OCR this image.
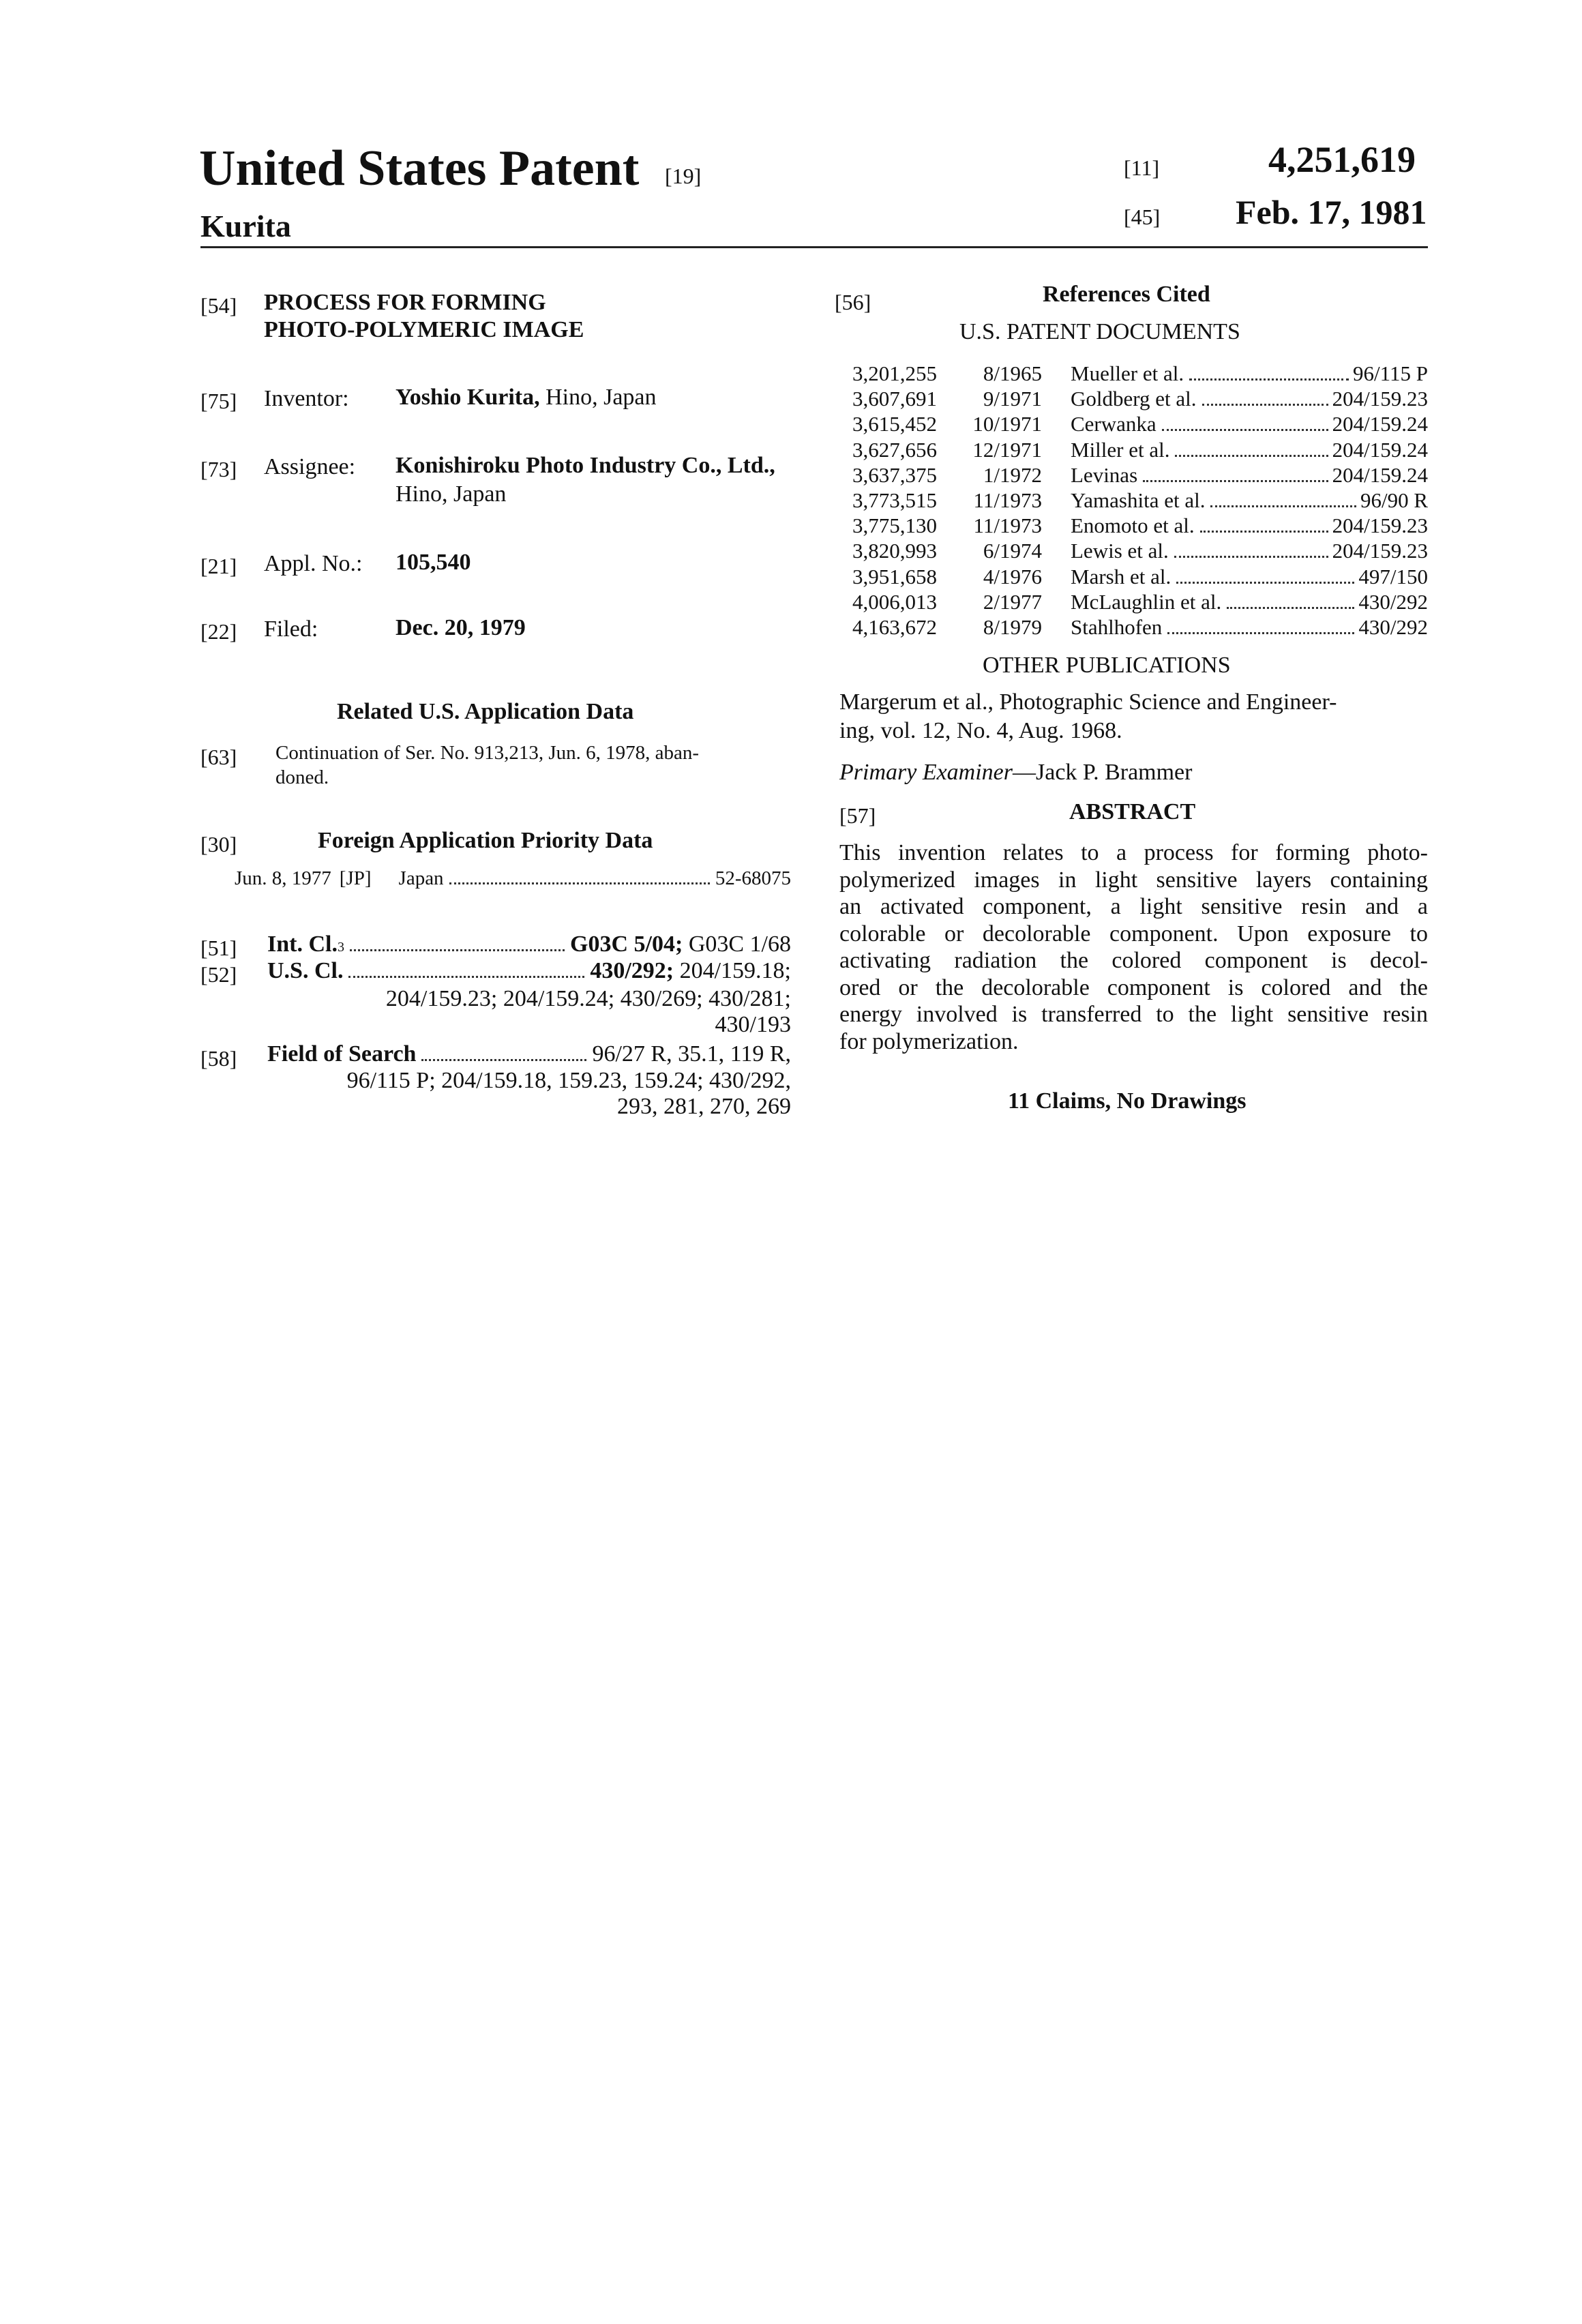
United States Patent [19]
Kurita
[11]	4,251,619
[45] Feb. 17, 1981
[54] PROCESS FOR FORMING
PHOTO-POLYMERIC IMAGE
[75] Inventor: Yoshio Kurita, Hino, Japan
[73] Assignee: Konishiroku Photo Industry Co., Ltd.,
Hino, Japan
[21] Appl. No.: 105,540
[22] Filed:	Dec. 20, 1979
Related U.S. Application Data
[63] Continuation of Ser. No. 913,213, Jun. 6, 1978, aban-
doned.
[30]	Foreign Application Priority Data
Jun. 8, 1977 [JP] Japan	52-68075
[51] Int. Cl. 3	G03C 5/04; G03C 1/68
[52] U.S. Cl.	430/292; 204/159.18;
204/159.23; 204/159.24; 430/269; 430/281;
430/193
[58] Field of Search	96/27 R, 35.1, 119 R,
96/115 P; 204/159.18, 159.23, 159.24; 430/292,
293, 281, 270, 269
[56]	References Cited
U.S. PATENT DOCUMENTS
3,201,255	8/1965 Mueller et al.	96/115 P
3,607,691	9/1971 Goldberg et al.	204/159.23
3,615,452	10/1971 Cerwanka	204/159.24
3,627,656	12/1971 Miller et al.	204/159.24
3,637,375	1/1972 Levinas	204/159.24
3,773,515	11/1973 Yamashita et al.	96/90 R
3,775,130	11/1973 Enomoto et al.	204/159.23
3,820,993	6/1974 Lewis et al.	204/159.23
3,951,658	4/1976 Marsh et al.	497/150
4,006,013	2/1977 McLaughlin et al.	430/292
4,163,672	8/1979 Stahlhofen	430/292
OTHER PUBLICATIONS
Margerum et al., Photographic Science and Engineer-
ing, vol. 12, No. 4, Aug. 1968.
Primary Examiner—Jack P. Brammer
[57]	ABSTRACT
This invention relates to a process for forming photo-
polymerized images in light sensitive layers containing
an activated component, a light sensitive resin and a
colorable or decolorable component. Upon exposure to
activating radiation the colored component is decol-
ored or the decolorable component is colored and the
energy involved is transferred to the light sensitive resin
for polymerization.
11 Claims, No Drawings
